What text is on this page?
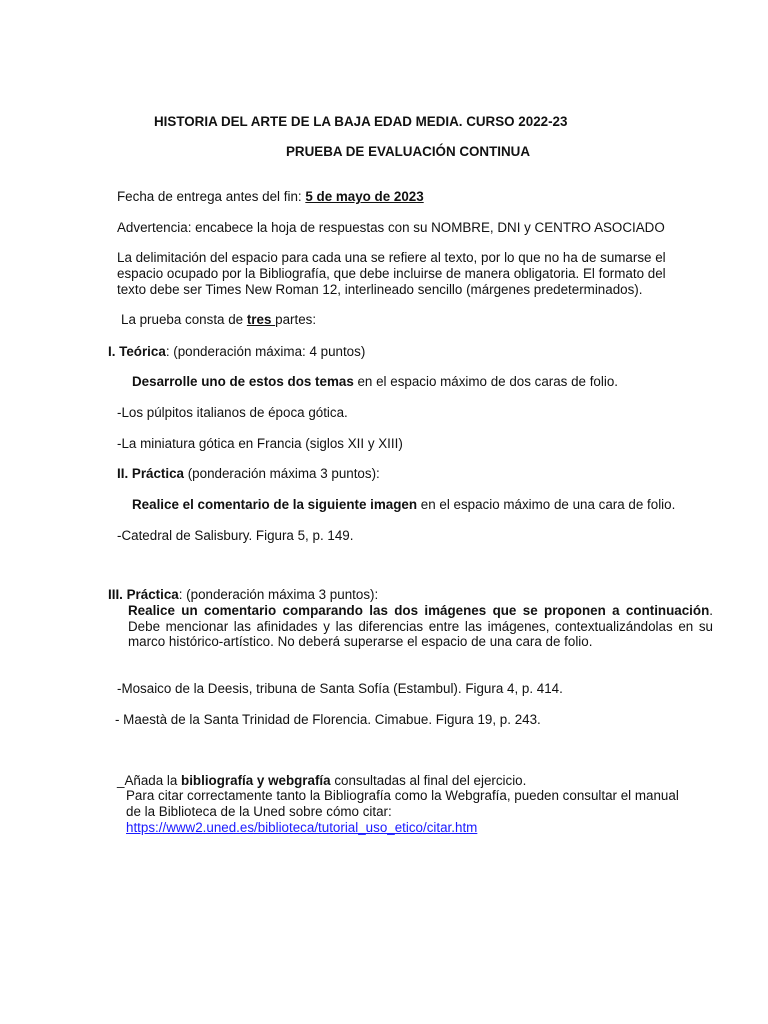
HISTORIA DEL ARTE DE LA BAJA EDAD MEDIA. CURSO 2022-23
PRUEBA DE EVALUACIÓN CONTINUA
Fecha de entrega antes del fin: 5 de mayo de 2023
Advertencia: encabece la hoja de respuestas con su NOMBRE, DNI y CENTRO ASOCIADO
La delimitación del espacio para cada una se refiere al texto, por lo que no ha de sumarse el
espacio ocupado por la Bibliografía, que debe incluirse de manera obligatoria. El formato del
texto debe ser Times New Roman 12, interlineado sencillo (márgenes predeterminados).
La prueba consta de tres partes:
I. Teórica: (ponderación máxima: 4 puntos)
Desarrolle uno de estos dos temas en el espacio máximo de dos caras de folio.
-Los púlpitos italianos de época gótica.
-La miniatura gótica en Francia (siglos XII y XIII)
II. Práctica (ponderación máxima 3 puntos):
Realice el comentario de la siguiente imagen en el espacio máximo de una cara de folio.
-Catedral de Salisbury. Figura 5, p. 149.
III. Práctica: (ponderación máxima 3 puntos):
Realice un comentario comparando las dos imágenes que se proponen a continuación. Debe mencionar las afinidades y las diferencias entre las imágenes, contextualizándolas en su marco histórico-artístico. No deberá superarse el espacio de una cara de folio.
-Mosaico de la Deesis, tribuna de Santa Sofía (Estambul). Figura 4, p. 414.
- Maestà de la Santa Trinidad de Florencia. Cimabue. Figura 19, p. 243.
_Añada la bibliografía y webgrafía consultadas al final del ejercicio.
Para citar correctamente tanto la Bibliografía como la Webgrafía, pueden consultar el manual
de la Biblioteca de la Uned sobre cómo citar:
https://www2.uned.es/biblioteca/tutorial_uso_etico/citar.htm
